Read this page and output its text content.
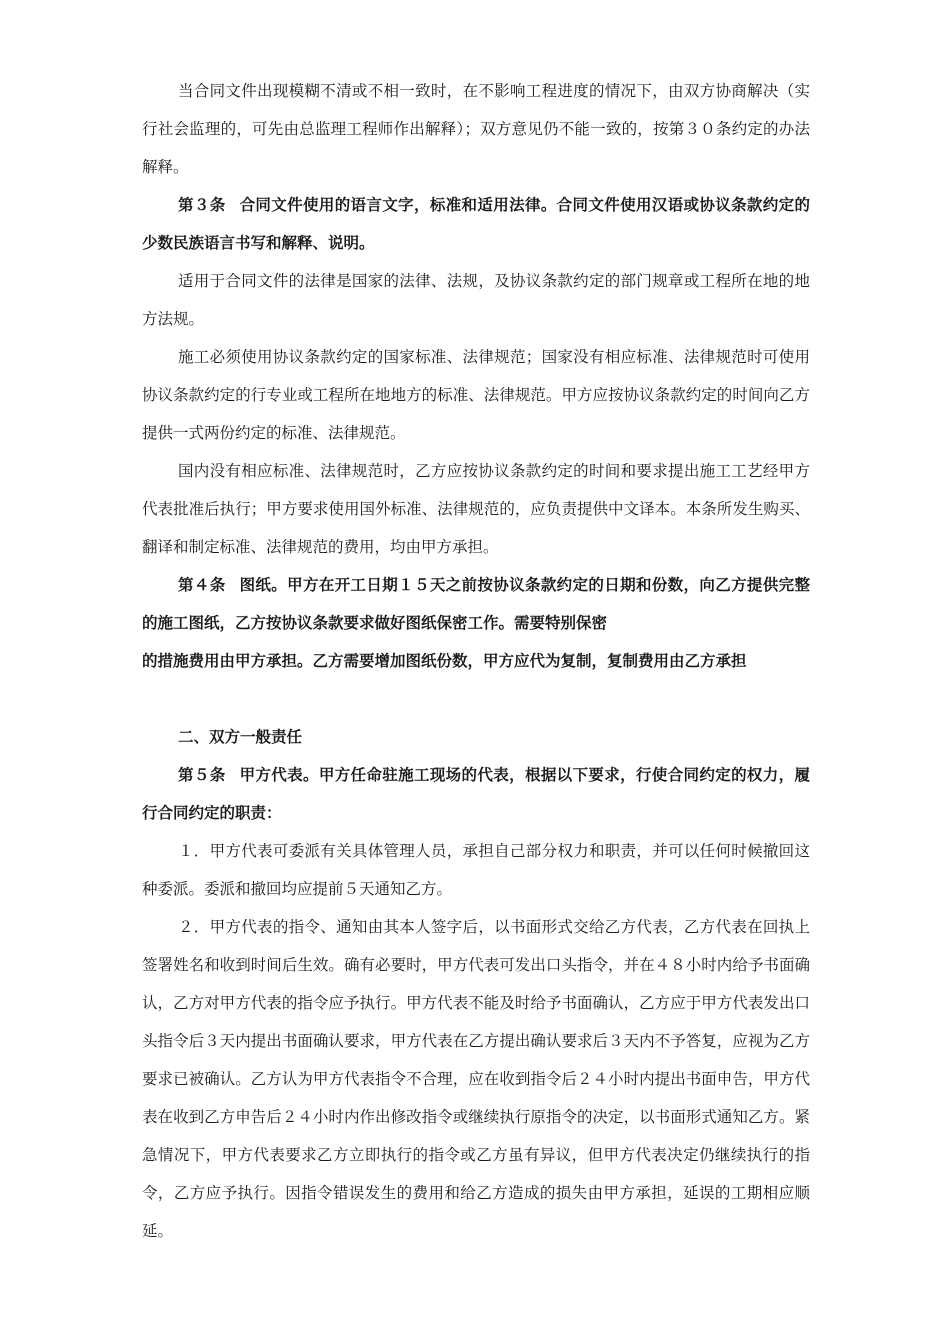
当合同文件出现模糊不清或不相一致时，在不影响工程进度的情况下，由双方协商解决（实行社会监理的，可先由总监理工程师作出解释）；双方意见仍不能一致的，按第３０条约定的办法解释。

第３条 合同文件使用的语言文字，标准和适用法律。合同文件使用汉语或协议条款约定的少数民族语言书写和解释、说明。

适用于合同文件的法律是国家的法律、法规，及协议条款约定的部门规章或工程所在地的地方法规。

施工必须使用协议条款约定的国家标准、法律规范；国家没有相应标准、法律规范时可使用协议条款约定的行专业或工程所在地地方的标准、法律规范。甲方应按协议条款约定的时间向乙方提供一式两份约定的标准、法律规范。

国内没有相应标准、法律规范时，乙方应按协议条款约定的时间和要求提出施工工艺经甲方代表批准后执行；甲方要求使用国外标准、法律规范的，应负责提供中文译本。本条所发生购买、翻译和制定标准、法律规范的费用，均由甲方承担。

第４条 图纸。甲方在开工日期１５天之前按协议条款约定的日期和份数，向乙方提供完整的施工图纸，乙方按协议条款要求做好图纸保密工作。需要特别保密

的措施费用由甲方承担。乙方需要增加图纸份数，甲方应代为复制，复制费用由乙方承担

二、双方一般责任

第５条 甲方代表。甲方任命驻施工现场的代表，根据以下要求，行使合同约定的权力，履行合同约定的职责：

１．甲方代表可委派有关具体管理人员，承担自己部分权力和职责，并可以任何时候撤回这种委派。委派和撤回均应提前５天通知乙方。

２．甲方代表的指令、通知由其本人签字后，以书面形式交给乙方代表，乙方代表在回执上签署姓名和收到时间后生效。确有必要时，甲方代表可发出口头指令，并在４８小时内给予书面确认，乙方对甲方代表的指令应予执行。甲方代表不能及时给予书面确认，乙方应于甲方代表发出口头指令后３天内提出书面确认要求，甲方代表在乙方提出确认要求后３天内不予答复，应视为乙方要求已被确认。乙方认为甲方代表指令不合理，应在收到指令后２４小时内提出书面申告，甲方代表在收到乙方申告后２４小时内作出修改指令或继续执行原指令的决定，以书面形式通知乙方。紧急情况下，甲方代表要求乙方立即执行的指令或乙方虽有异议，但甲方代表决定仍继续执行的指令，乙方应予执行。因指令错误发生的费用和给乙方造成的损失由甲方承担，延误的工期相应顺延。
